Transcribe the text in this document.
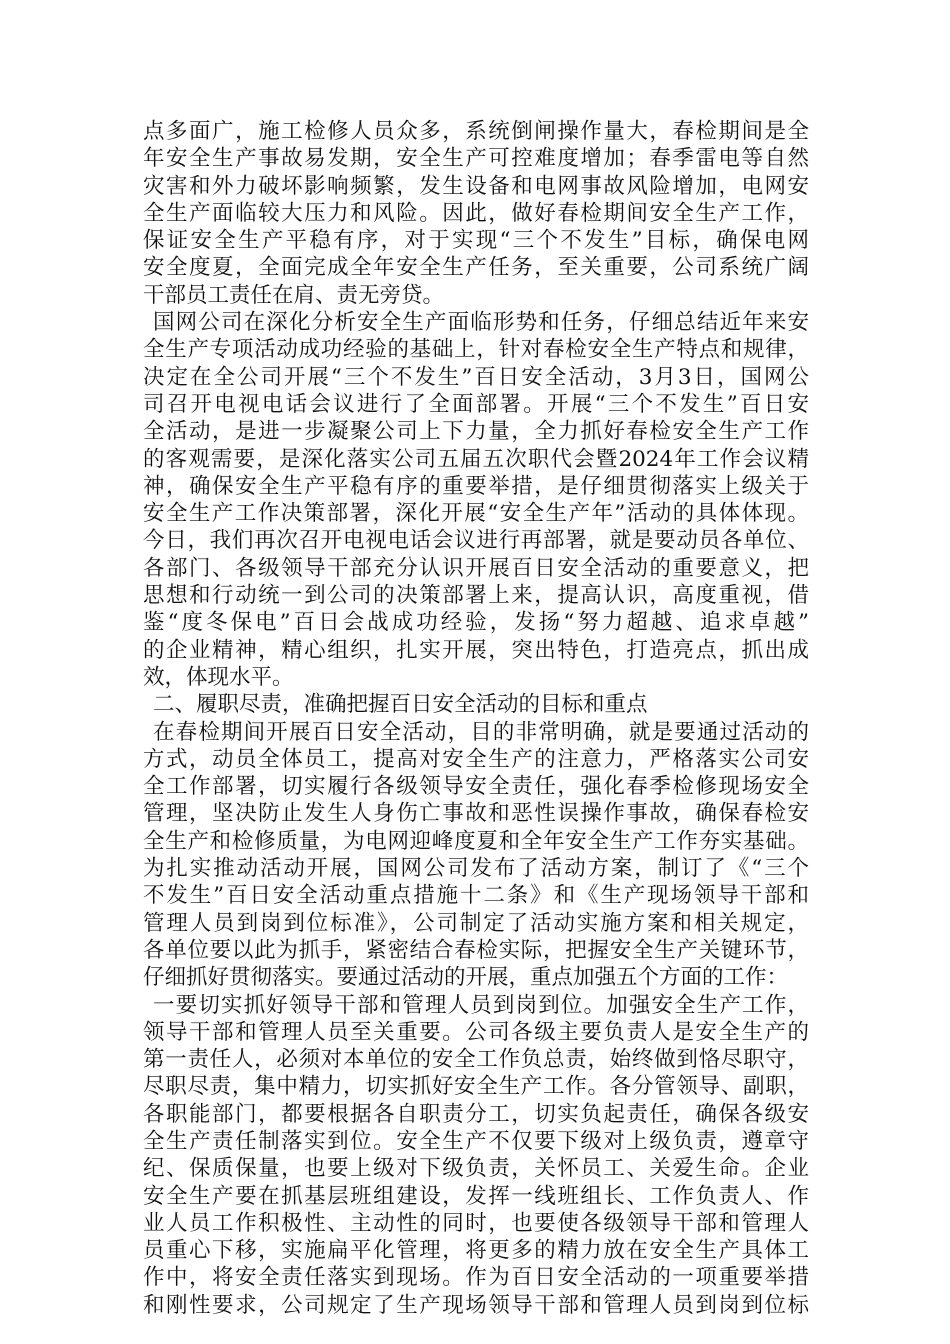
点多面广，施工检修人员众多，系统倒闸操作量大，春检期间是全
年安全生产事故易发期，安全生产可控难度增加；春季雷电等自然
灾害和外力破坏影响频繁，发生设备和电网事故风险增加，电网安
全生产面临较大压力和风险。因此，做好春检期间安全生产工作，
保证安全生产平稳有序，对于实现“三个不发生”目标，确保电网
安全度夏，全面完成全年安全生产任务，至关重要，公司系统广阔
干部员工责任在肩、责无旁贷。
国网公司在深化分析安全生产面临形势和任务，仔细总结近年来安
全生产专项活动成功经验的基础上，针对春检安全生产特点和规律，
决定在全公司开展“三个不发生”百日安全活动，3月3日，国网公
司召开电视电话会议进行了全面部署。开展“三个不发生”百日安
全活动，是进一步凝聚公司上下力量，全力抓好春检安全生产工作
的客观需要，是深化落实公司五届五次职代会暨2024年工作会议精
神，确保安全生产平稳有序的重要举措，是仔细贯彻落实上级关于
安全生产工作决策部署，深化开展“安全生产年”活动的具体体现。
今日，我们再次召开电视电话会议进行再部署，就是要动员各单位、
各部门、各级领导干部充分认识开展百日安全活动的重要意义，把
思想和行动统一到公司的决策部署上来，提高认识，高度重视，借
鉴“度冬保电”百日会战成功经验，发扬“努力超越、追求卓越”
的企业精神，精心组织，扎实开展，突出特色，打造亮点，抓出成
效，体现水平。
二、履职尽责，准确把握百日安全活动的目标和重点
在春检期间开展百日安全活动，目的非常明确，就是要通过活动的
方式，动员全体员工，提高对安全生产的注意力，严格落实公司安
全工作部署，切实履行各级领导安全责任，强化春季检修现场安全
管理，坚决防止发生人身伤亡事故和恶性误操作事故，确保春检安
全生产和检修质量，为电网迎峰度夏和全年安全生产工作夯实基础。
为扎实推动活动开展，国网公司发布了活动方案，制订了《“三个
不发生”百日安全活动重点措施十二条》和《生产现场领导干部和
管理人员到岗到位标准》，公司制定了活动实施方案和相关规定，
各单位要以此为抓手，紧密结合春检实际，把握安全生产关键环节，
仔细抓好贯彻落实。要通过活动的开展，重点加强五个方面的工作：
一要切实抓好领导干部和管理人员到岗到位。加强安全生产工作，
领导干部和管理人员至关重要。公司各级主要负责人是安全生产的
第一责任人，必须对本单位的安全工作负总责，始终做到恪尽职守，
尽职尽责，集中精力，切实抓好安全生产工作。各分管领导、副职，
各职能部门，都要根据各自职责分工，切实负起责任，确保各级安
全生产责任制落实到位。安全生产不仅要下级对上级负责，遵章守
纪、保质保量，也要上级对下级负责，关怀员工、关爱生命。企业
安全生产要在抓基层班组建设，发挥一线班组长、工作负责人、作
业人员工作积极性、主动性的同时，也要使各级领导干部和管理人
员重心下移，实施扁平化管理，将更多的精力放在安全生产具体工
作中，将安全责任落实到现场。作为百日安全活动的一项重要举措
和刚性要求，公司规定了生产现场领导干部和管理人员到岗到位标
